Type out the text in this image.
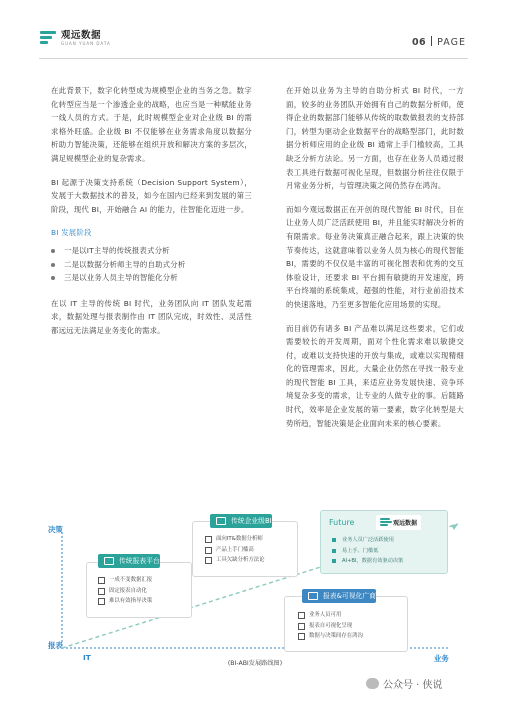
观远数据
GUAN YUAN DATA	06 PAGE

在此背景下，数字化转型成为规模型企业的当务之急。数字化转型应当是一个渗透企业的战略，也应当是一种赋能业务一线人员的方式。于是，此时规模型企业对企业级 BI 的需求格外旺盛。企业级 BI 不仅能够在业务需求角度以数据分析助力智能决策，还能够在组织开放和解决方案的多层次，满足规模型企业的复杂需求。

BI 起源于决策支持系统（Decision Support System），发展于大数据技术的普及，如今在国内已经来到发展的第三阶段，现代 BI，开始融合 AI 的能力，往智能化迈进一步。

BI 发展阶段
一是以IT主导的传统报表式分析
二是以数据分析师主导的自助式分析
三是以业务人员主导的智能化分析

在以 IT 主导的传统 BI 时代，业务团队向 IT 团队发起需求，数据处理与报表制作由 IT 团队完成，时效性、灵活性都远远无法满足业务变化的需求。

在开始以业务为主导的自助分析式 BI 时代，一方面，较多的业务团队开始拥有自己的数据分析师，使得企业的数据部门能够从传统的取数做报表的支持部门，转型为驱动企业数据平台的战略型部门，此时数据分析师应用的企业级 BI 通常上手门槛较高，工具缺乏分析方法论。另一方面，也存在业务人员通过报表工具进行数据可视化呈现，但数据分析往往仅限于月常业务分析，与管理决策之间仍然存在鸿沟。

而如今观远数据正在开创的现代智能 BI 时代，目在让业务人员广泛活跃使用 BI，并且能实时解决分析的有限需求。每业务决策真正融合起来，跟上决策的快节奏传达，这就意味着以业务人员为核心的现代智能 BI，需要的不仅仅是丰富的可视化图表和优秀的交互体验设计，还要求 BI 平台拥有敏捷的开发速度，跨平台终端的系统集成，超强的性能，对行业前沿技术的快速落地，乃至更多智能化应用场景的实现。

而目前仍有诸多 BI 产品难以满足这些要求，它们或需要较长的开发周期，面对个性化需求难以敏捷交付，或难以支持快速的开放与集成，或难以实现精细化的管理需求，因此，大量企业仍然在寻找一般专业的现代智能 BI 工具，来适应业务发展快速、竞争环境复杂多变的需求，让专业的人做专业的事。后随路时代，效率是企业发展的第一要素，数字化转型是大势所趋，智能决策是企业面向未来的核心要素。

决策
报表
IT	业务
传统报表平台
一成不变数据汇报
固定报表自动化
难以有效指导决策
传统企业级BI
面向IT&数据分析师
产品上手门槛高
工具欠缺分析方法论
Future	观远数据
业务人员广泛活跃使用
易上手、门槛低
AI+BI，数据有效驱动决策
报表&可视化广商
业务人员可用
报表自可视化呈现
数据与决策间存在鸿沟
(BI-ABI发展路线图)
公众号 · 侠说
